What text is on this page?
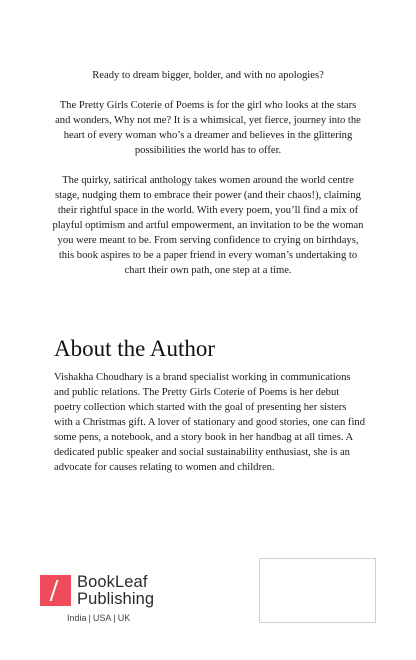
Ready to dream bigger, bolder, and with no apologies?

The Pretty Girls Coterie of Poems is for the girl who looks at the stars and wonders, Why not me? It is a whimsical, yet fierce, journey into the heart of every woman who’s a dreamer and believes in the glittering possibilities the world has to offer.

The quirky, satirical anthology takes women around the world centre stage, nudging them to embrace their power (and their chaos!), claiming their rightful space in the world. With every poem, you’ll find a mix of playful optimism and artful empowerment, an invitation to be the woman you were meant to be. From serving confidence to crying on birthdays, this book aspires to be a paper friend in every woman’s undertaking to chart their own path, one step at a time.

About the Author

Vishakha Choudhary is a brand specialist working in communications and public relations. The Pretty Girls Coterie of Poems is her debut poetry collection which started with the goal of presenting her sisters with a Christmas gift. A lover of stationary and good stories, one can find some pens, a notebook, and a story book in her handbag at all times. A dedicated public speaker and social sustainability enthusiast, she is an advocate for causes relating to women and children.

BookLeaf
Publishing
India | USA | UK
